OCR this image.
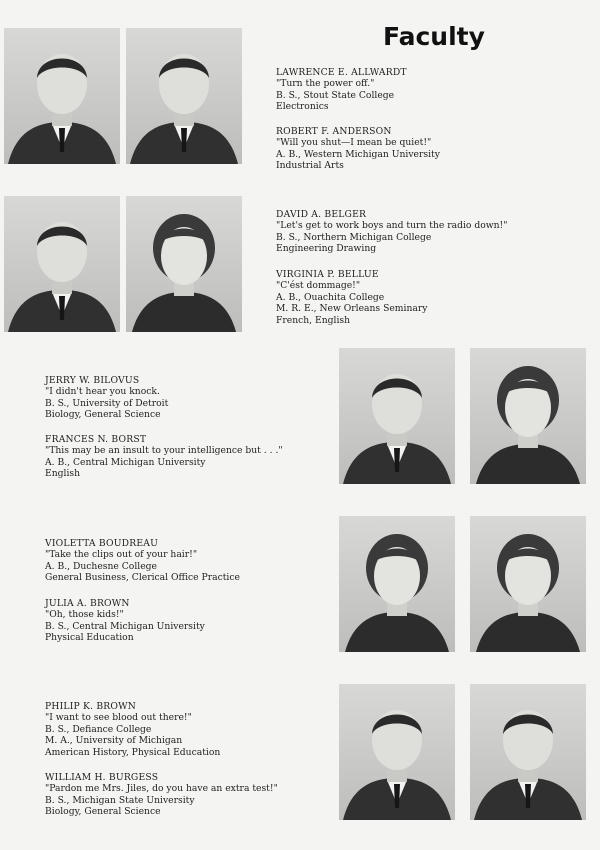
Faculty
LAWRENCE E. ALLWARDT
"Turn the power off."
B. S., Stout State College
Electronics
ROBERT F. ANDERSON
"Will you shut—I mean be quiet!"
A. B., Western Michigan University
Industrial Arts
DAVID A. BELGER
"Let's get to work boys and turn the radio down!"
B. S., Northern Michigan College
Engineering Drawing
VIRGINIA P. BELLUE
"C'ést dommage!"
A. B., Ouachita College
M. R. E., New Orleans Seminary
French, English
JERRY W. BILOVUS
"I didn't hear you knock.
B. S., University of Detroit
Biology, General Science
FRANCES N. BORST
"This may be an insult to your intelligence but . . ."
A. B., Central Michigan University
English
VIOLETTA BOUDREAU
"Take the clips out of your hair!"
A. B., Duchesne College
General Business, Clerical Office Practice
JULIA A. BROWN
"Oh, those kids!"
B. S., Central Michigan University
Physical Education
PHILIP K. BROWN
"I want to see blood out there!"
B. S., Defiance College
M. A., University of Michigan
American History, Physical Education
WILLIAM H. BURGESS
"Pardon me Mrs. Jiles, do you have an extra test!"
B. S., Michigan State University
Biology, General Science
